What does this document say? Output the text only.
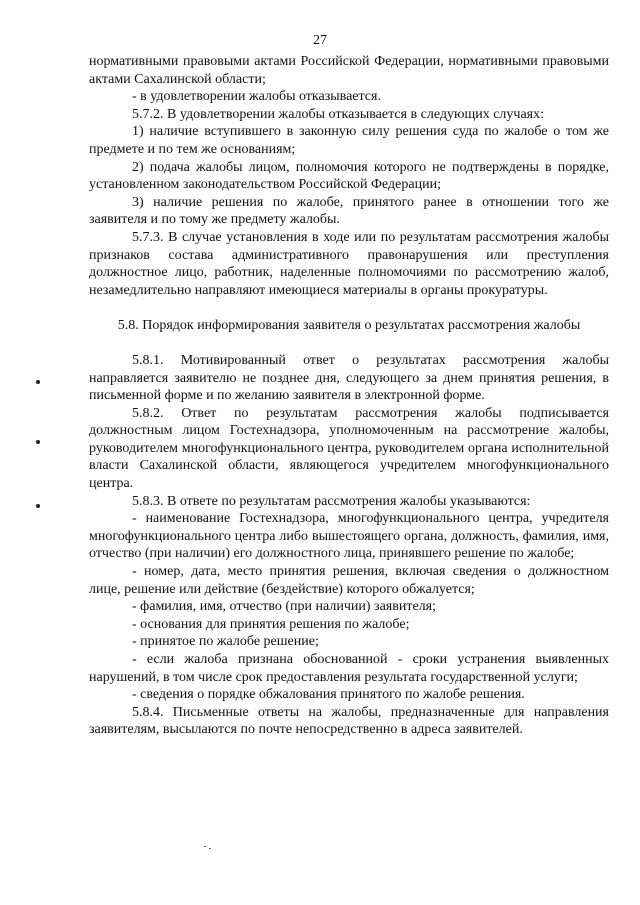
27

нормативными правовыми актами Российской Федерации, нормативными правовыми актами Сахалинской области;

- в удовлетворении жалобы отказывается.

5.7.2. В удовлетворении жалобы отказывается в следующих случаях:

1) наличие вступившего в законную силу решения суда по жалобе о том же предмете и по тем же основаниям;

2) подача жалобы лицом, полномочия которого не подтверждены в порядке, установленном законодательством Российской Федерации;

3) наличие решения по жалобе, принятого ранее в отношении того же заявителя и по тому же предмету жалобы.

5.7.3. В случае установления в ходе или по результатам рассмотрения жалобы признаков состава административного правонарушения или преступления должностное лицо, работник, наделенные полномочиями по рассмотрению жалоб, незамедлительно направляют имеющиеся материалы в органы прокуратуры.

5.8. Порядок информирования заявителя о результатах рассмотрения жалобы

5.8.1. Мотивированный ответ о результатах рассмотрения жалобы направляется заявителю не позднее дня, следующего за днем принятия решения, в письменной форме и по желанию заявителя в электронной форме.

5.8.2. Ответ по результатам рассмотрения жалобы подписывается должностным лицом Гостехнадзора, уполномоченным на рассмотрение жалобы, руководителем многофункционального центра, руководителем органа исполнительной власти Сахалинской области, являющегося учредителем многофункционального центра.

5.8.3. В ответе по результатам рассмотрения жалобы указываются:

- наименование Гостехнадзора, многофункционального центра, учредителя многофункционального центра либо вышестоящего органа, должность, фамилия, имя, отчество (при наличии) его должностного лица, принявшего решение по жалобе;

- номер, дата, место принятия решения, включая сведения о должностном лице, решение или действие (бездействие) которого обжалуется;

- фамилия, имя, отчество (при наличии) заявителя;

- основания для принятия решения по жалобе;

- принятое по жалобе решение;

- если жалоба признана обоснованной - сроки устранения выявленных нарушений, в том числе срок предоставления результата государственной услуги;

- сведения о порядке обжалования принятого по жалобе решения.

5.8.4. Письменные ответы на жалобы, предназначенные для направления заявителям, высылаются по почте непосредственно в адреса заявителей.
